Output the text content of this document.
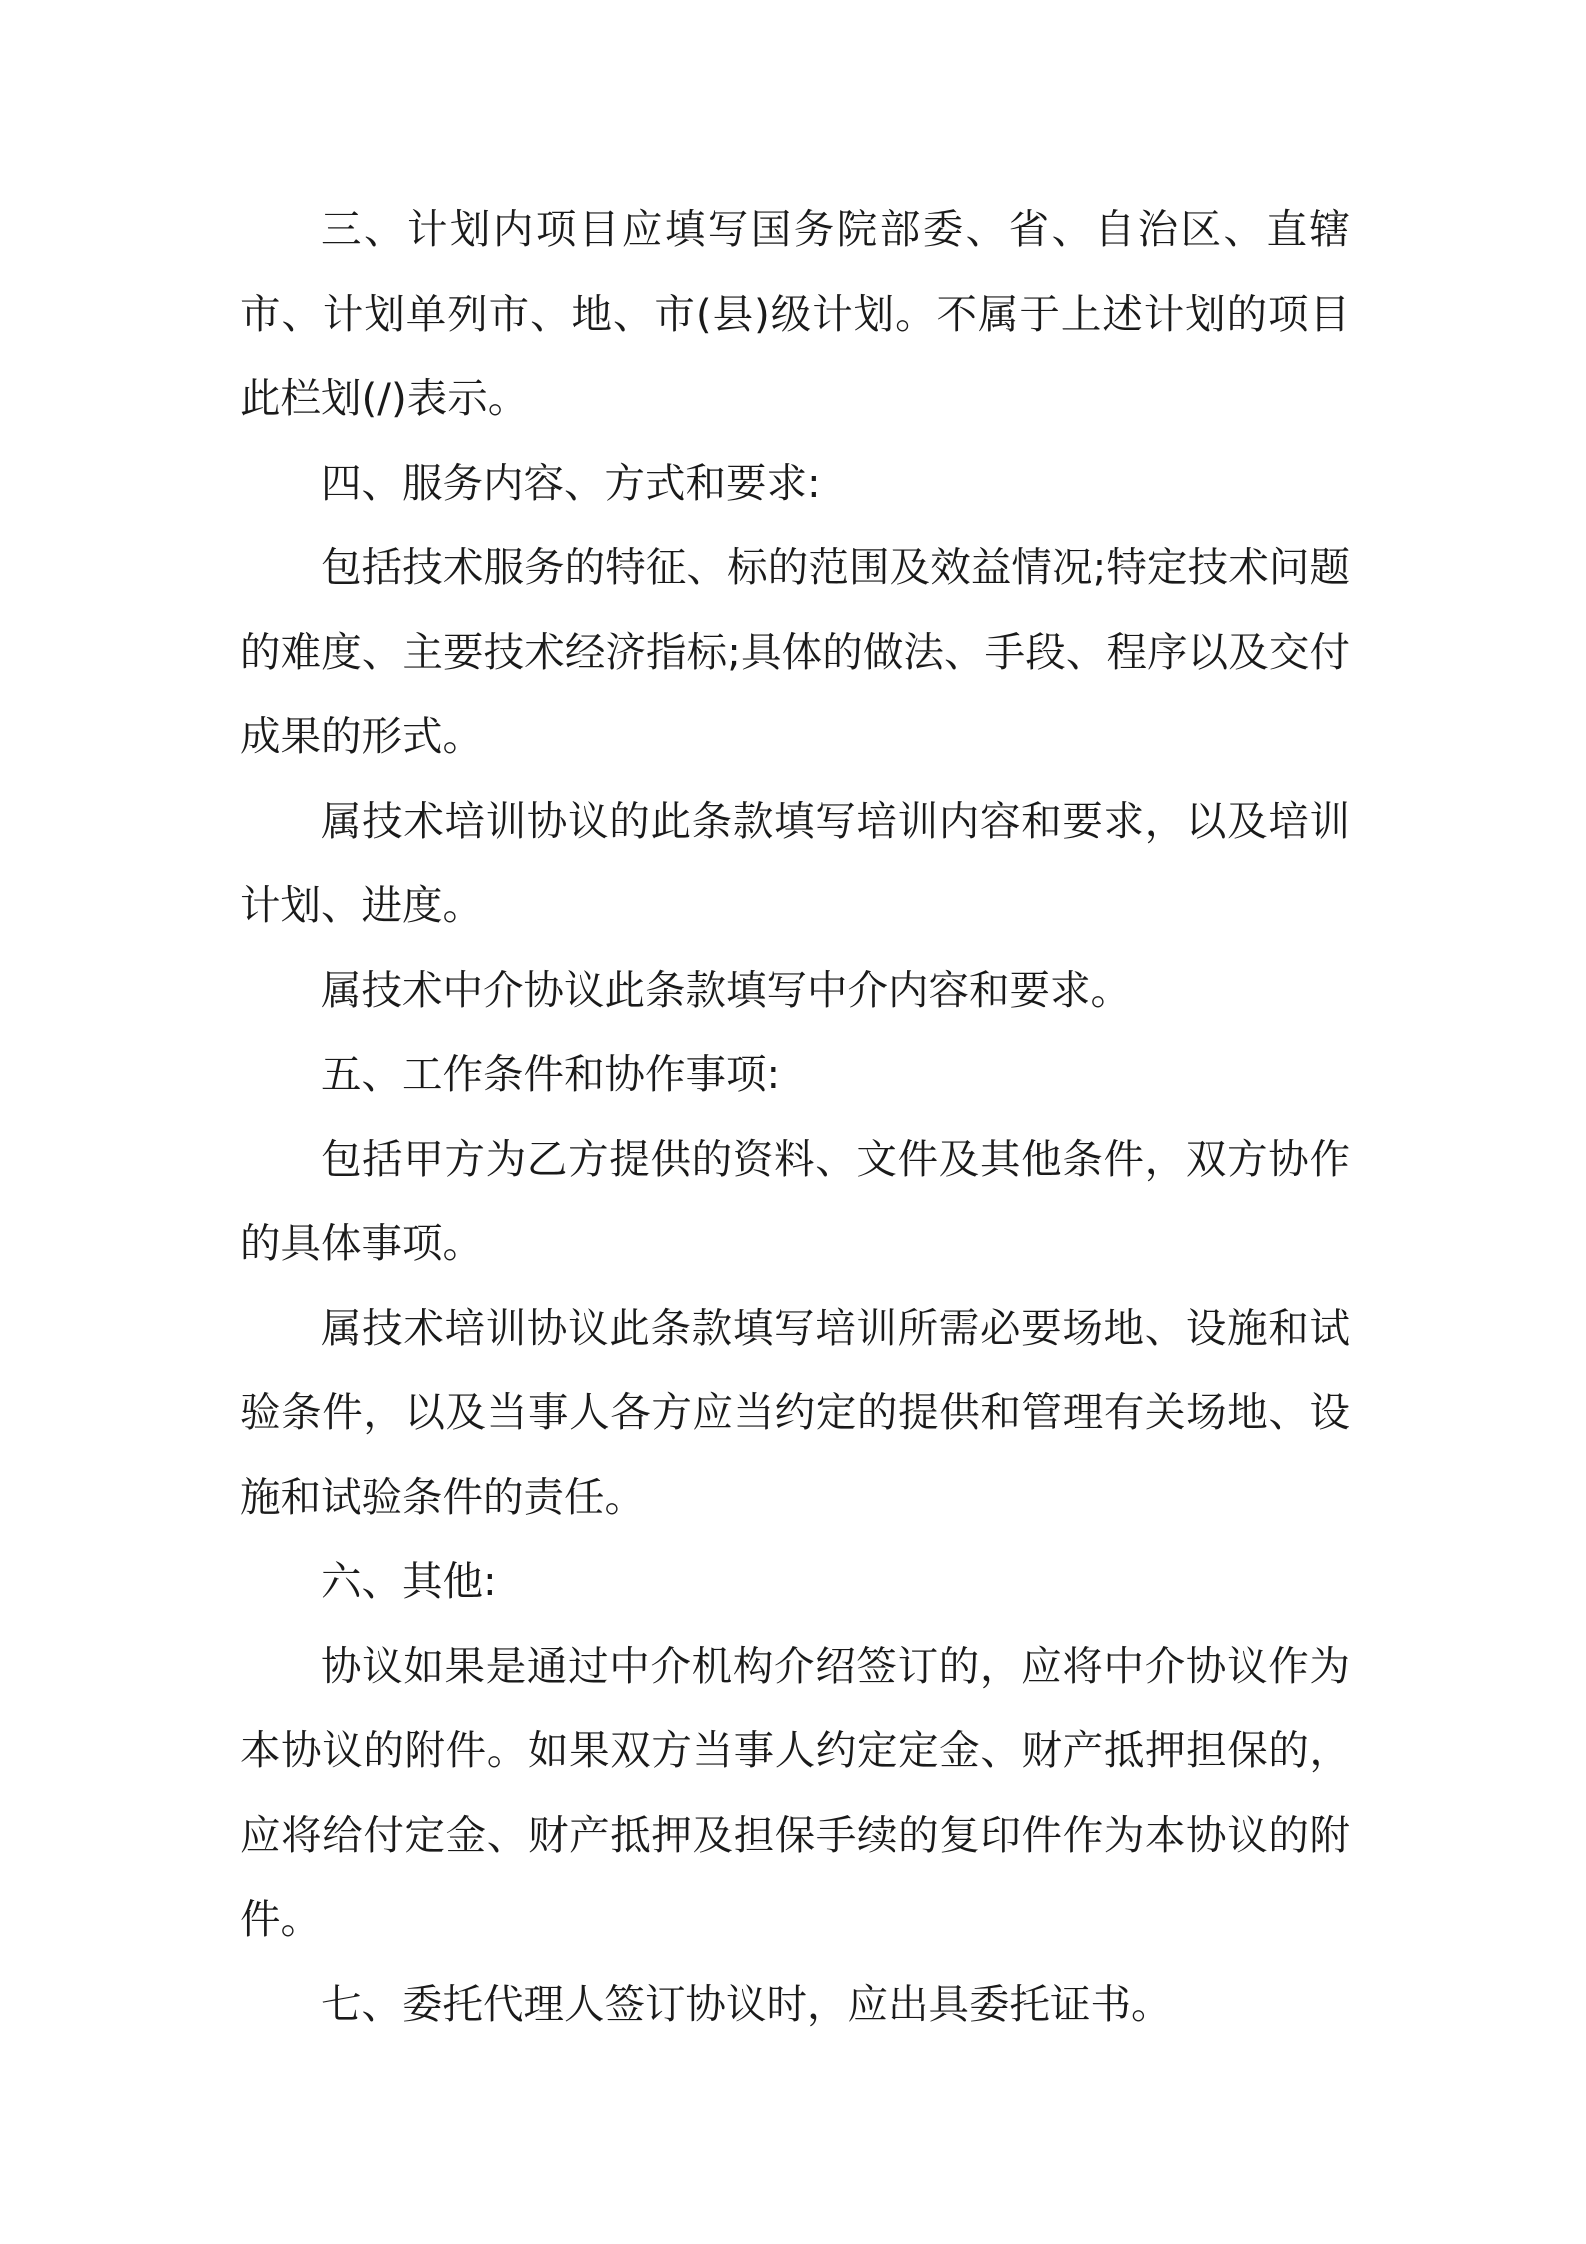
三、计划内项目应填写国务院部委、省、自治区、直辖市、计划单列市、地、市(县)级计划。不属于上述计划的项目此栏划(/)表示。

四、服务内容、方式和要求:

包括技术服务的特征、标的范围及效益情况;特定技术问题的难度、主要技术经济指标;具体的做法、手段、程序以及交付成果的形式。

属技术培训协议的此条款填写培训内容和要求，以及培训计划、进度。

属技术中介协议此条款填写中介内容和要求。

五、工作条件和协作事项:

包括甲方为乙方提供的资料、文件及其他条件，双方协作的具体事项。

属技术培训协议此条款填写培训所需必要场地、设施和试验条件，以及当事人各方应当约定的提供和管理有关场地、设施和试验条件的责任。

六、其他:

协议如果是通过中介机构介绍签订的，应将中介协议作为本协议的附件。如果双方当事人约定定金、财产抵押担保的，应将给付定金、财产抵押及担保手续的复印件作为本协议的附件。

七、委托代理人签订协议时，应出具委托证书。
